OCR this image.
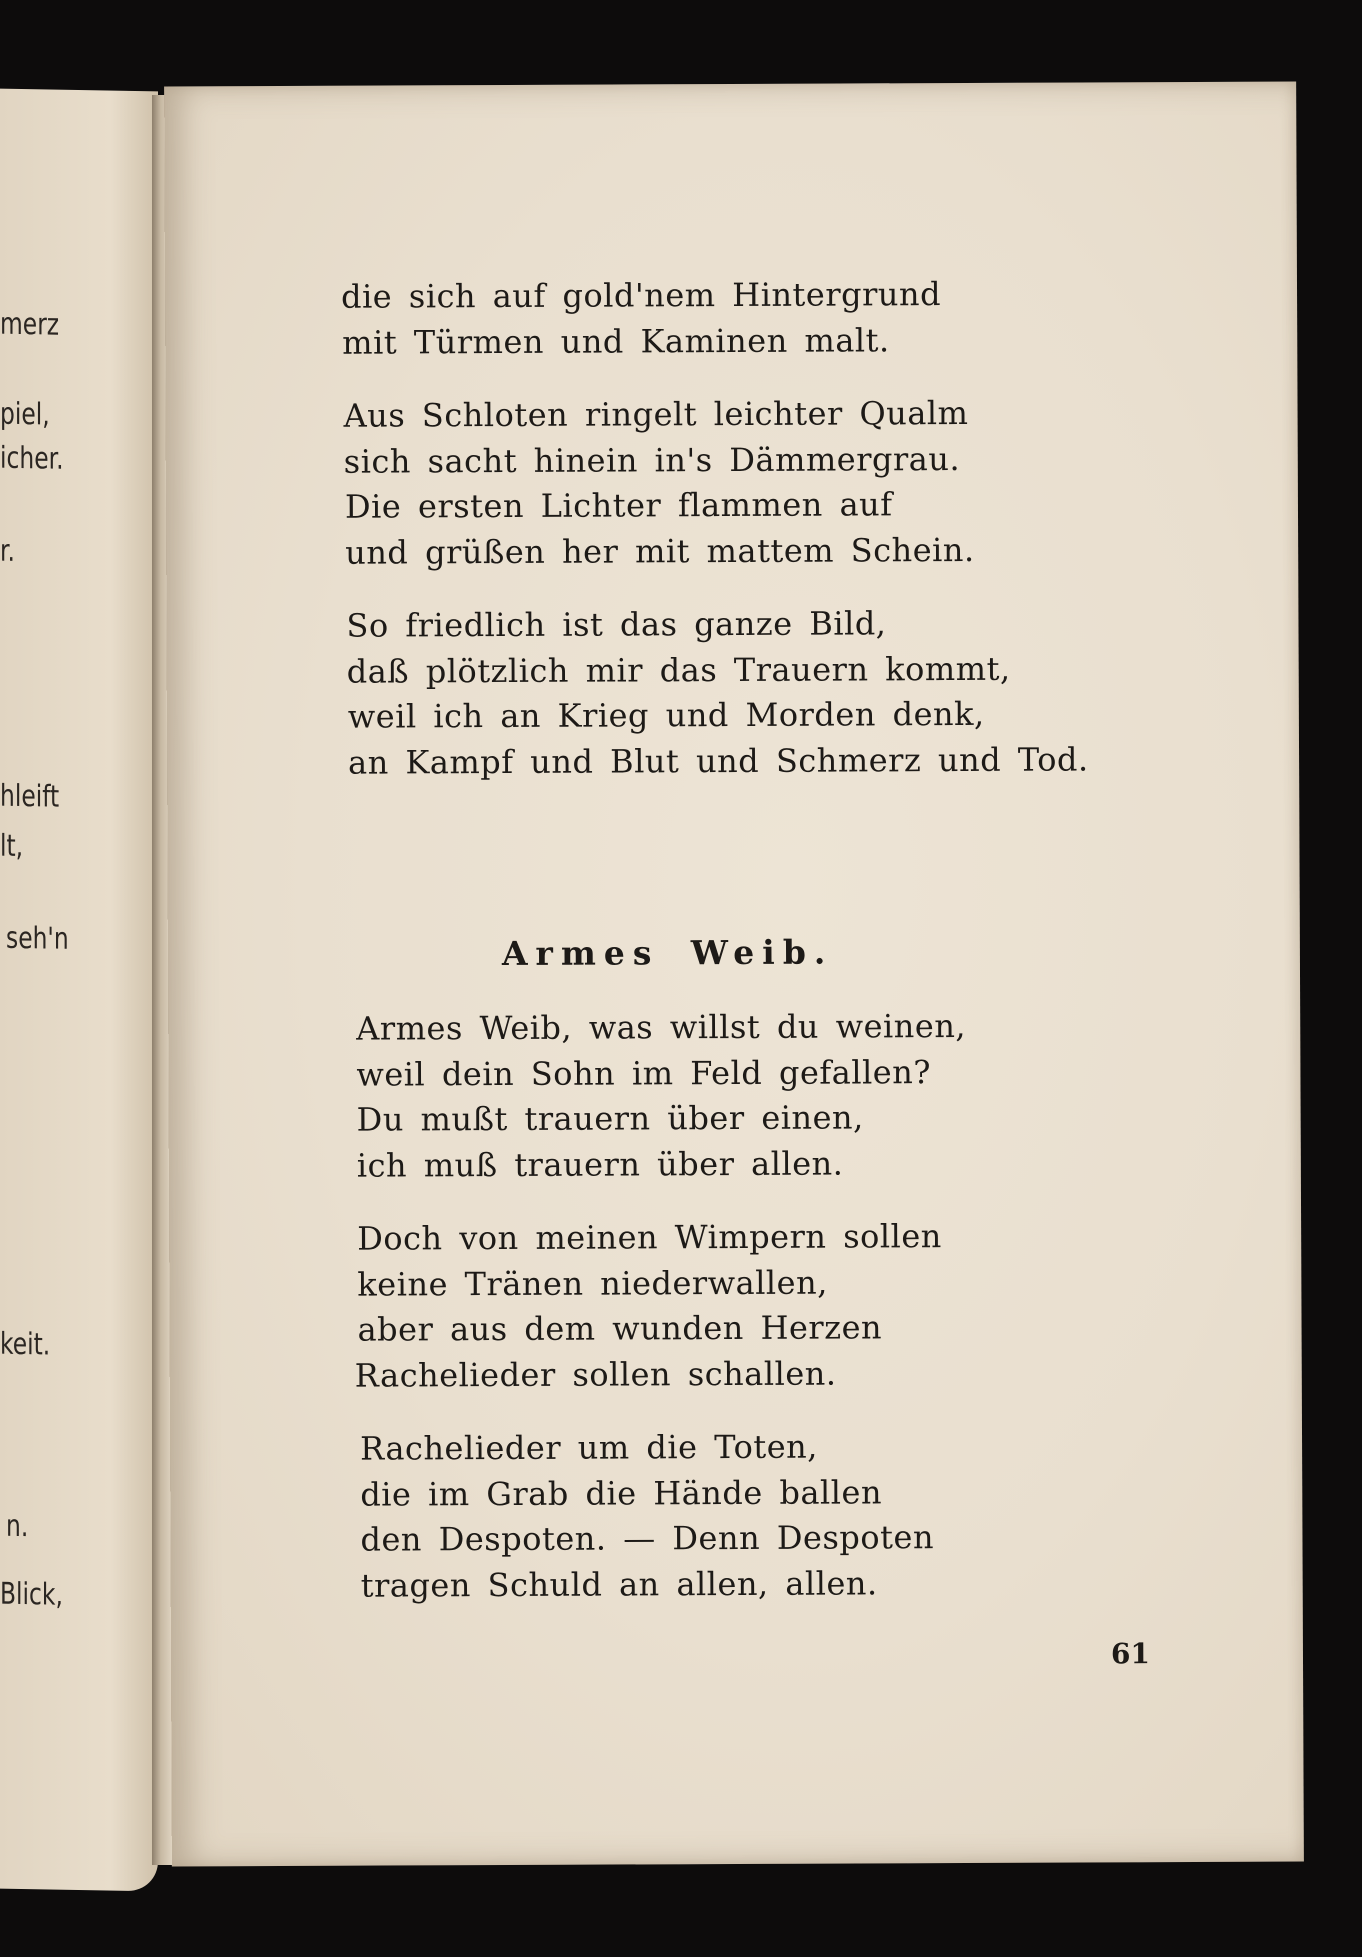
merz
piel,
icher.
r.
hleift
lt,
seh'n
keit.
n.
Blick,
die sich auf gold'nem Hintergrund
mit Türmen und Kaminen malt.
Aus Schloten ringelt leichter Qualm
sich sacht hinein in's Dämmergrau.
Die ersten Lichter flammen auf
und grüßen her mit mattem Schein.
So friedlich ist das ganze Bild,
daß plötzlich mir das Trauern kommt,
weil ich an Krieg und Morden denk,
an Kampf und Blut und Schmerz und Tod.
Armes Weib.
Armes Weib, was willst du weinen,
weil dein Sohn im Feld gefallen?
Du mußt trauern über einen,
ich muß trauern über allen.
Doch von meinen Wimpern sollen
keine Tränen niederwallen,
aber aus dem wunden Herzen
Rachelieder sollen schallen.
Rachelieder um die Toten,
die im Grab die Hände ballen
den Despoten. — Denn Despoten
tragen Schuld an allen, allen.
61
